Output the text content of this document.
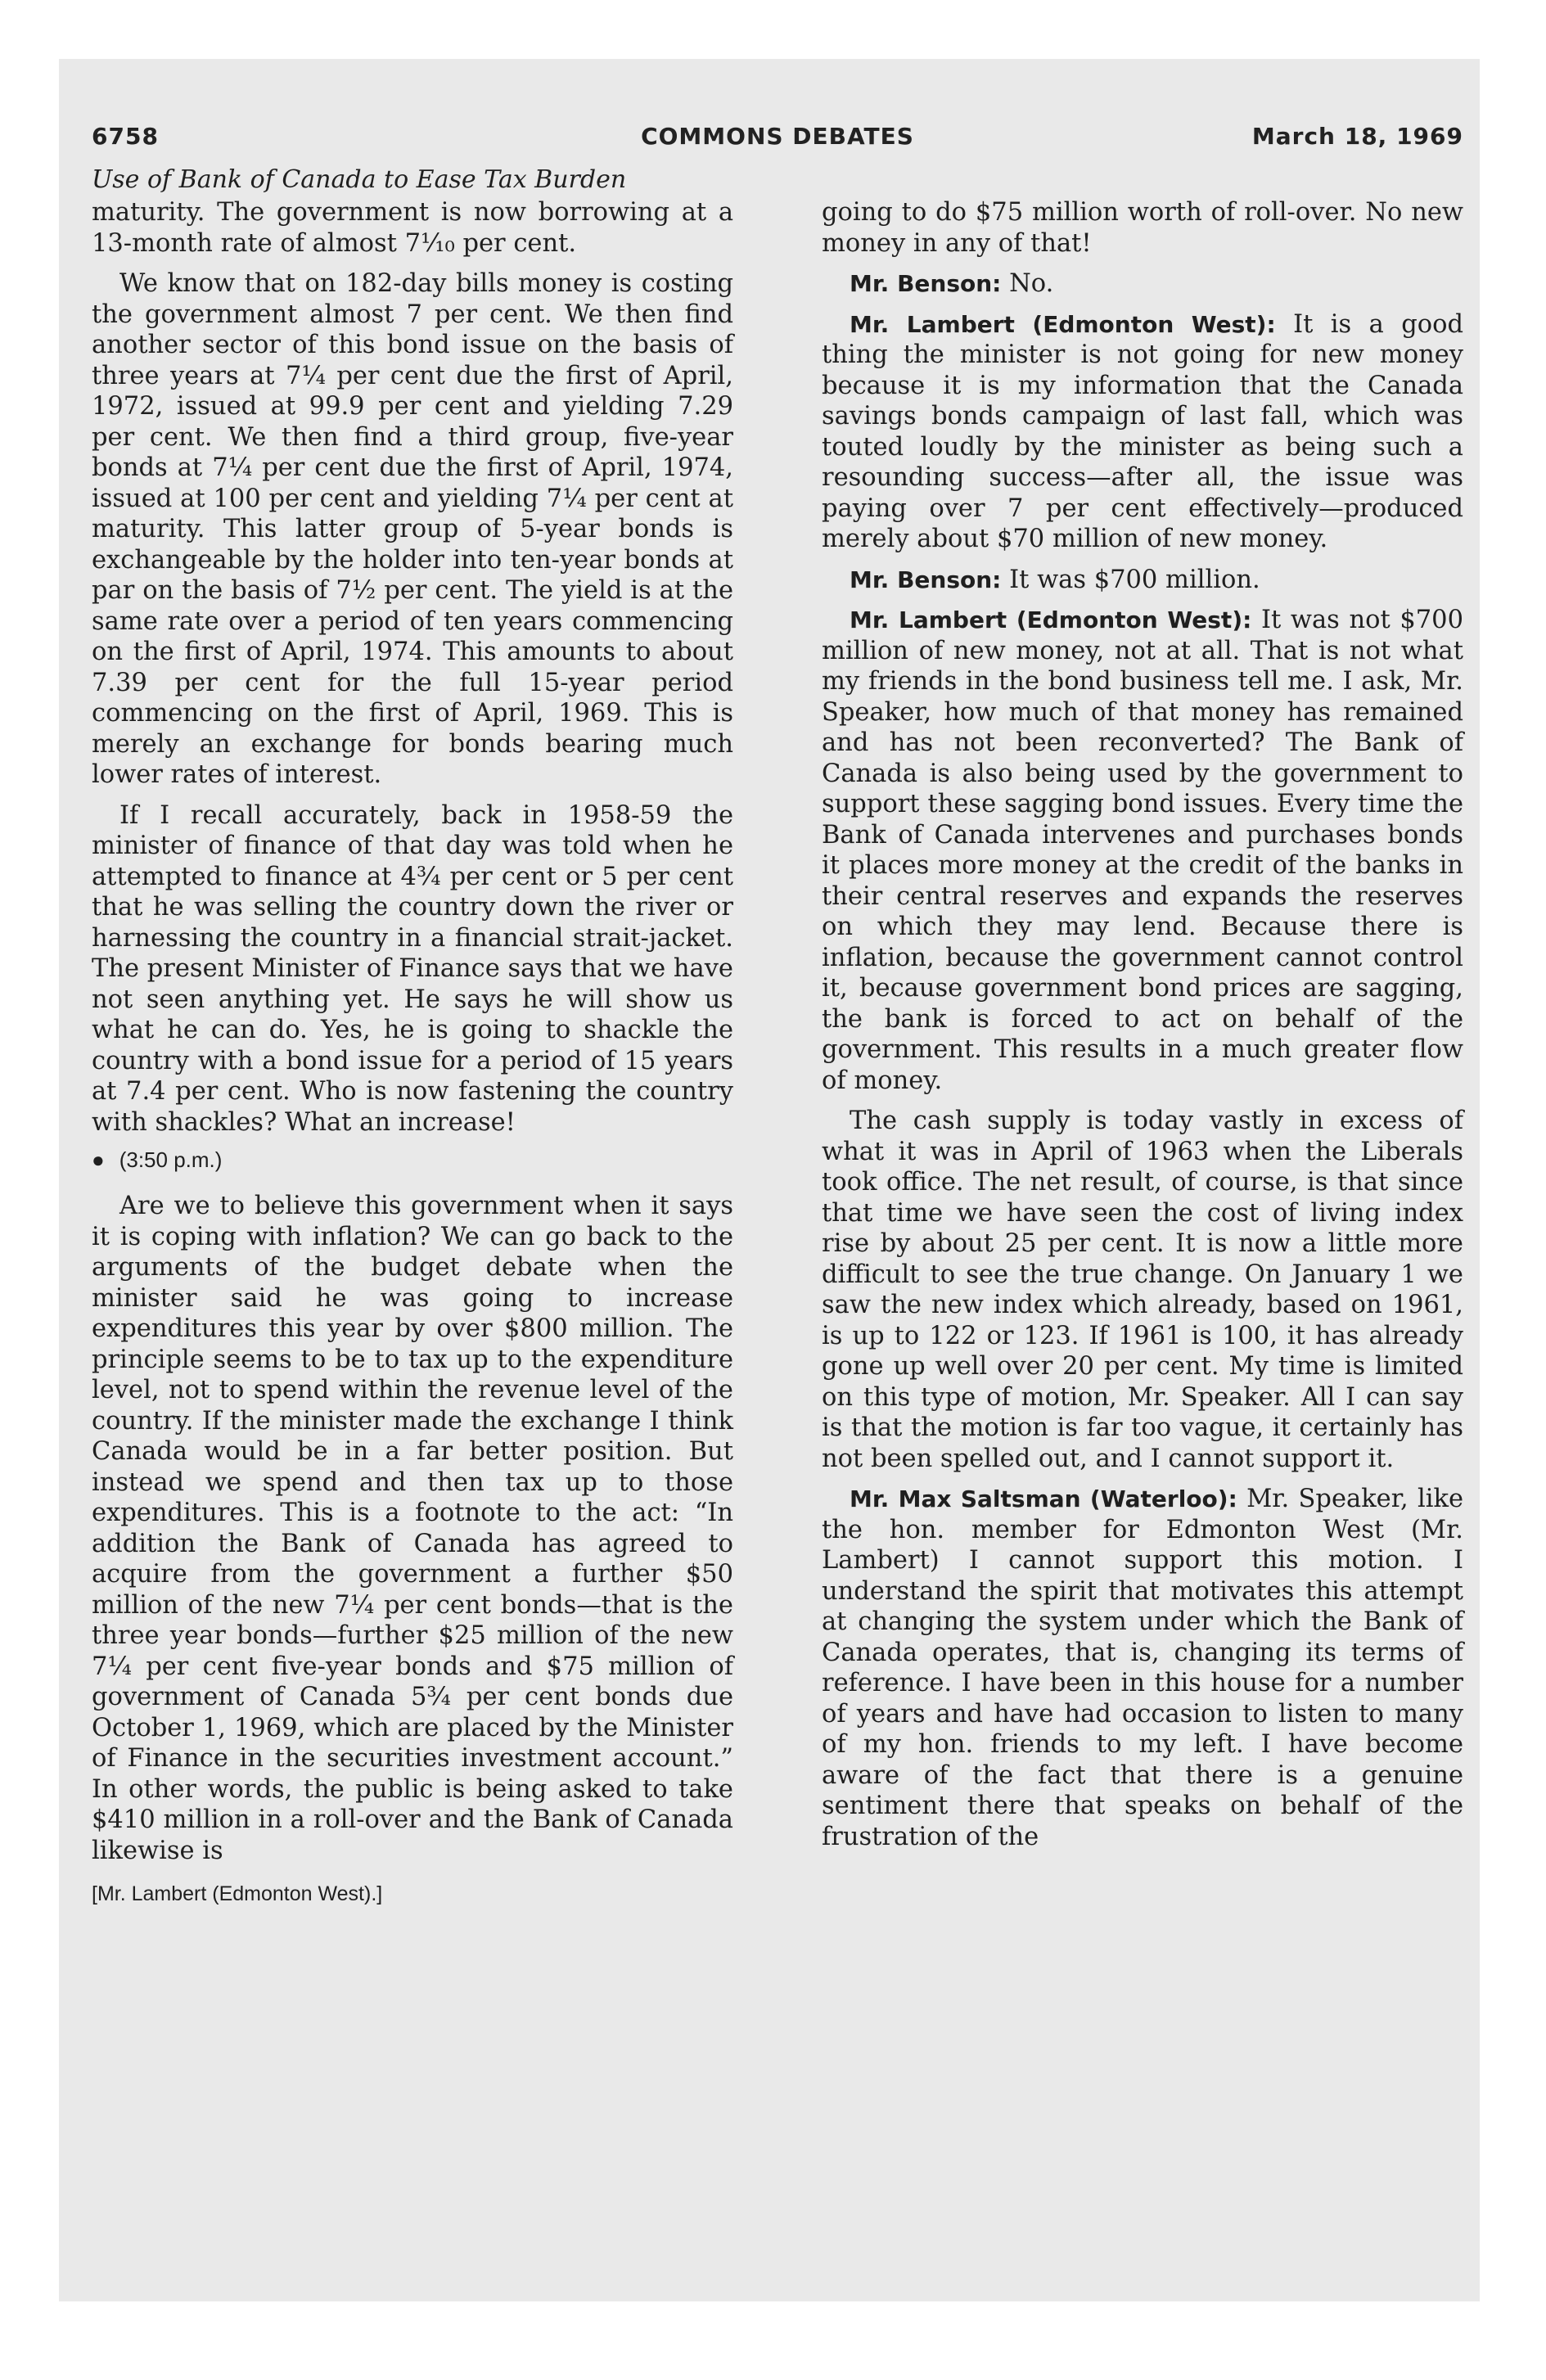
6758	COMMONS DEBATES	March 18, 1969
Use of Bank of Canada to Ease Tax Burden

maturity. The government is now borrowing at a 13-month rate of almost 7⅒ per cent.

We know that on 182-day bills money is costing the government almost 7 per cent. We then find another sector of this bond issue on the basis of three years at 7¼ per cent due the first of April, 1972, issued at 99.9 per cent and yielding 7.29 per cent. We then find a third group, five-year bonds at 7¼ per cent due the first of April, 1974, issued at 100 per cent and yielding 7¼ per cent at maturity. This latter group of 5-year bonds is exchangeable by the holder into ten-year bonds at par on the basis of 7½ per cent. The yield is at the same rate over a period of ten years commencing on the first of April, 1974. This amounts to about 7.39 per cent for the full 15-year period commencing on the first of April, 1969. This is merely an exchange for bonds bearing much lower rates of interest.

If I recall accurately, back in 1958-59 the minister of finance of that day was told when he attempted to finance at 4¾ per cent or 5 per cent that he was selling the country down the river or harnessing the country in a financial strait-jacket. The present Minister of Finance says that we have not seen anything yet. He says he will show us what he can do. Yes, he is going to shackle the country with a bond issue for a period of 15 years at 7.4 per cent. Who is now fastening the country with shackles? What an increase!

● (3:50 p.m.)

Are we to believe this government when it says it is coping with inflation? We can go back to the arguments of the budget debate when the minister said he was going to increase expenditures this year by over $800 million. The principle seems to be to tax up to the expenditure level, not to spend within the revenue level of the country. If the minister made the exchange I think Canada would be in a far better position. But instead we spend and then tax up to those expenditures. This is a footnote to the act: “In addition the Bank of Canada has agreed to acquire from the government a further $50 million of the new 7¼ per cent bonds—that is the three year bonds—further $25 million of the new 7¼ per cent five-year bonds and $75 million of government of Canada 5¾ per cent bonds due October 1, 1969, which are placed by the Minister of Finance in the securities investment account.” In other words, the public is being asked to take $410 million in a roll-over and the Bank of Canada likewise is

[Mr. Lambert (Edmonton West).]

going to do $75 million worth of roll-over. No new money in any of that!

Mr. Benson: No.

Mr. Lambert (Edmonton West): It is a good thing the minister is not going for new money because it is my information that the Canada savings bonds campaign of last fall, which was touted loudly by the minister as being such a resounding success—after all, the issue was paying over 7 per cent effectively—produced merely about $70 million of new money.

Mr. Benson: It was $700 million.

Mr. Lambert (Edmonton West): It was not $700 million of new money, not at all. That is not what my friends in the bond business tell me. I ask, Mr. Speaker, how much of that money has remained and has not been reconverted? The Bank of Canada is also being used by the government to support these sagging bond issues. Every time the Bank of Canada intervenes and purchases bonds it places more money at the credit of the banks in their central reserves and expands the reserves on which they may lend. Because there is inflation, because the government cannot control it, because government bond prices are sagging, the bank is forced to act on behalf of the government. This results in a much greater flow of money.

The cash supply is today vastly in excess of what it was in April of 1963 when the Liberals took office. The net result, of course, is that since that time we have seen the cost of living index rise by about 25 per cent. It is now a little more difficult to see the true change. On January 1 we saw the new index which already, based on 1961, is up to 122 or 123. If 1961 is 100, it has already gone up well over 20 per cent. My time is limited on this type of motion, Mr. Speaker. All I can say is that the motion is far too vague, it certainly has not been spelled out, and I cannot support it.

Mr. Max Saltsman (Waterloo): Mr. Speaker, like the hon. member for Edmonton West (Mr. Lambert) I cannot support this motion. I understand the spirit that motivates this attempt at changing the system under which the Bank of Canada operates, that is, changing its terms of reference. I have been in this house for a number of years and have had occasion to listen to many of my hon. friends to my left. I have become aware of the fact that there is a genuine sentiment there that speaks on behalf of the frustration of the
